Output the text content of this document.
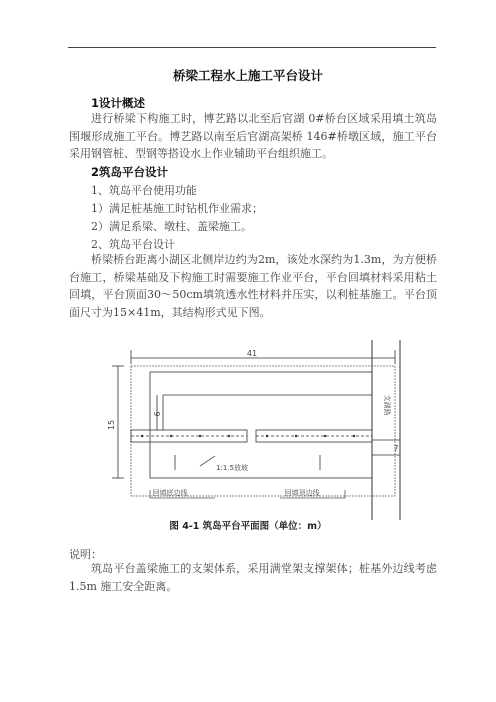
桥梁工程水上施工平台设计
1设计概述
进行桥梁下构施工时，博艺路以北至后官湖 0#桥台区域采用填土筑岛围堰形成施工平台。博艺路以南至后官湖高架桥 146#桥墩区域，施工平台采用钢管桩、型钢等搭设水上作业辅助平台组织施工。
2筑岛平台设计
1、筑岛平台使用功能
1）满足桩基施工时钻机作业需求；
2）满足系梁、墩柱、盖梁施工。
2、筑岛平台设计
桥梁桥台距离小湖区北侧岸边约为2m，该处水深约为1.3m，为方便桥台施工，桥梁基础及下构施工时需要施工作业平台，平台回填材料采用粘土回填，平台顶面30～50cm填筑透水性材料并压实，以利桩基施工。平台顶面尺寸为15×41m，其结构形式见下图。
41
15
6
7
支湖路
1:1.5放坡
回填底边线	回填顶边线
图 4-1 筑岛平台平面图（单位：m）
说明：
筑岛平台盖梁施工的支架体系，采用满堂架支撑架体；桩基外边线考虑 1.5m 施工安全距离。
